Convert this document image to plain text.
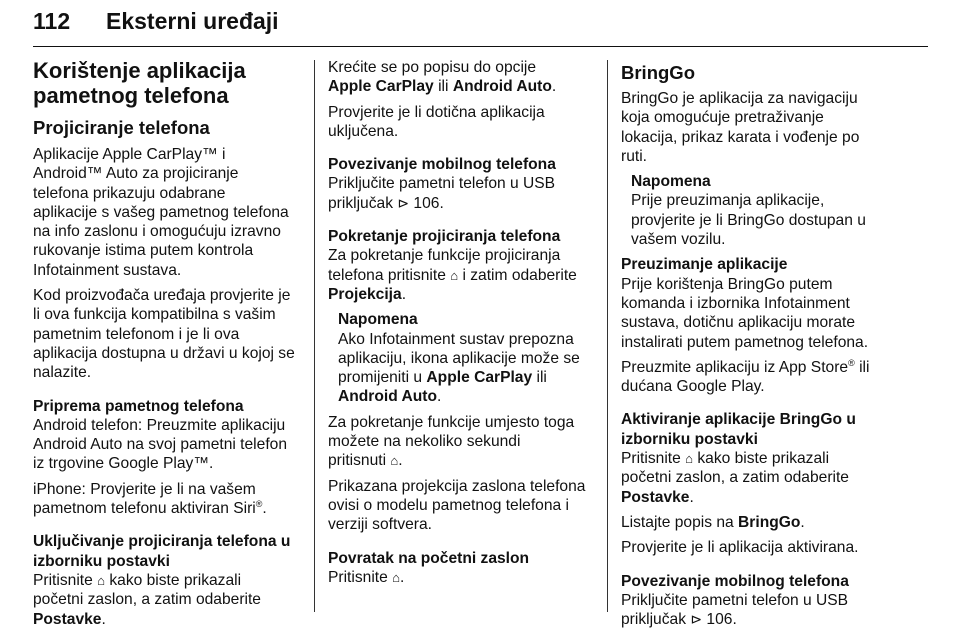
112 Eksterni uređaji
Korištenje aplikacija
pametnog telefona
Projiciranje telefona
Aplikacije Apple CarPlay™ i
Android™ Auto za projiciranje
telefona prikazuju odabrane
aplikacije s vašeg pametnog telefona
na info zaslonu i omogućuju izravno
rukovanje istima putem kontrola
Infotainment sustava.
Kod proizvođača uređaja provjerite je
li ova funkcija kompatibilna s vašim
pametnim telefonom i je li ova
aplikacija dostupna u državi u kojoj se
nalazite.
Priprema pametnog telefona
Android telefon: Preuzmite aplikaciju
Android Auto na svoj pametni telefon
iz trgovine Google Play™.
iPhone: Provjerite je li na vašem
pametnom telefonu aktiviran Siri®.
Uključivanje projiciranja telefona u
izborniku postavki
Pritisnite ⌂ kako biste prikazali
početni zaslon, a zatim odaberite
Postavke.
Krećite se po popisu do opcije
Apple CarPlay ili Android Auto.
Provjerite je li dotična aplikacija
uključena.
Povezivanje mobilnog telefona
Priključite pametni telefon u USB
priključak ⊳ 106.
Pokretanje projiciranja telefona
Za pokretanje funkcije projiciranja
telefona pritisnite ⌂ i zatim odaberite
Projekcija.
Napomena
Ako Infotainment sustav prepozna
aplikaciju, ikona aplikacije može se
promijeniti u Apple CarPlay ili
Android Auto.
Za pokretanje funkcije umjesto toga
možete na nekoliko sekundi
pritisnuti ⌂.
Prikazana projekcija zaslona telefona
ovisi o modelu pametnog telefona i
verziji softvera.
Povratak na početni zaslon
Pritisnite ⌂.
BringGo
BringGo je aplikacija za navigaciju
koja omogućuje pretraživanje
lokacija, prikaz karata i vođenje po
ruti.
Napomena
Prije preuzimanja aplikacije,
provjerite je li BringGo dostupan u
vašem vozilu.
Preuzimanje aplikacije
Prije korištenja BringGo putem
komanda i izbornika Infotainment
sustava, dotičnu aplikaciju morate
instalirati putem pametnog telefona.
Preuzmite aplikaciju iz App Store® ili
dućana Google Play.
Aktiviranje aplikacije BringGo u
izborniku postavki
Pritisnite ⌂ kako biste prikazali
početni zaslon, a zatim odaberite
Postavke.
Listajte popis na BringGo.
Provjerite je li aplikacija aktivirana.
Povezivanje mobilnog telefona
Priključite pametni telefon u USB
priključak ⊳ 106.
